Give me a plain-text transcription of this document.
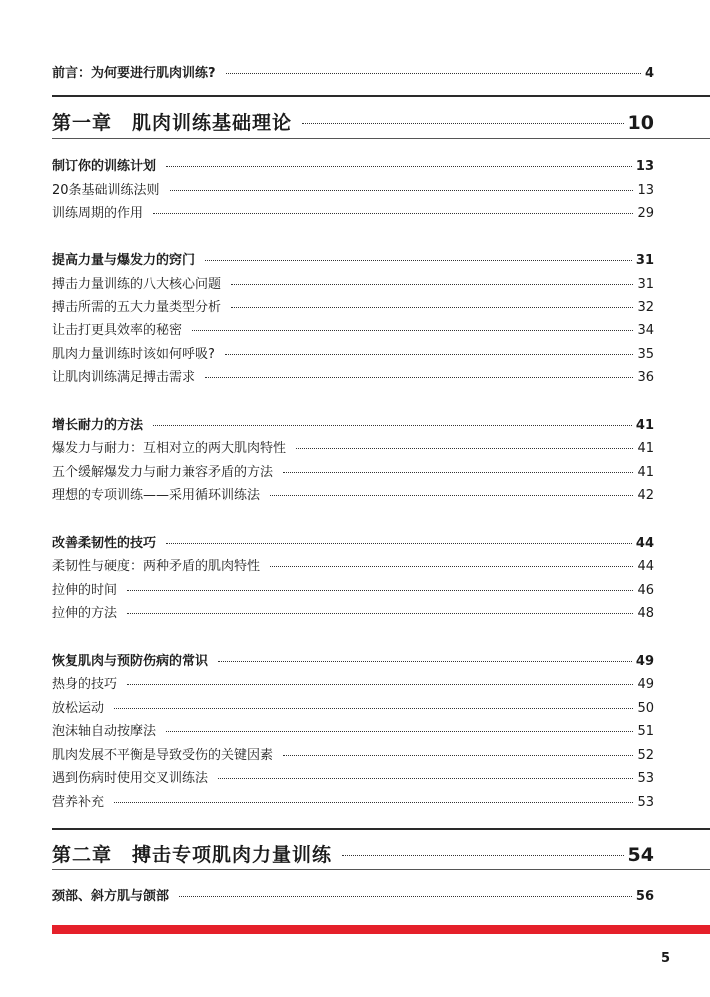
前言：为何要进行肌肉训练?	4
第一章　肌肉训练基础理论	10
制订你的训练计划	13
20条基础训练法则	13
训练周期的作用	29
提高力量与爆发力的窍门	31
搏击力量训练的八大核心问题	31
搏击所需的五大力量类型分析	32
让击打更具效率的秘密	34
肌肉力量训练时该如何呼吸?	35
让肌肉训练满足搏击需求	36
增长耐力的方法	41
爆发力与耐力：互相对立的两大肌肉特性	41
五个缓解爆发力与耐力兼容矛盾的方法	41
理想的专项训练——采用循环训练法	42
改善柔韧性的技巧	44
柔韧性与硬度：两种矛盾的肌肉特性	44
拉伸的时间	46
拉伸的方法	48
恢复肌肉与预防伤病的常识	49
热身的技巧	49
放松运动	50
泡沫轴自动按摩法	51
肌肉发展不平衡是导致受伤的关键因素	52
遇到伤病时使用交叉训练法	53
营养补充	53
第二章　搏击专项肌肉力量训练	54
颈部、斜方肌与颌部	56
5
